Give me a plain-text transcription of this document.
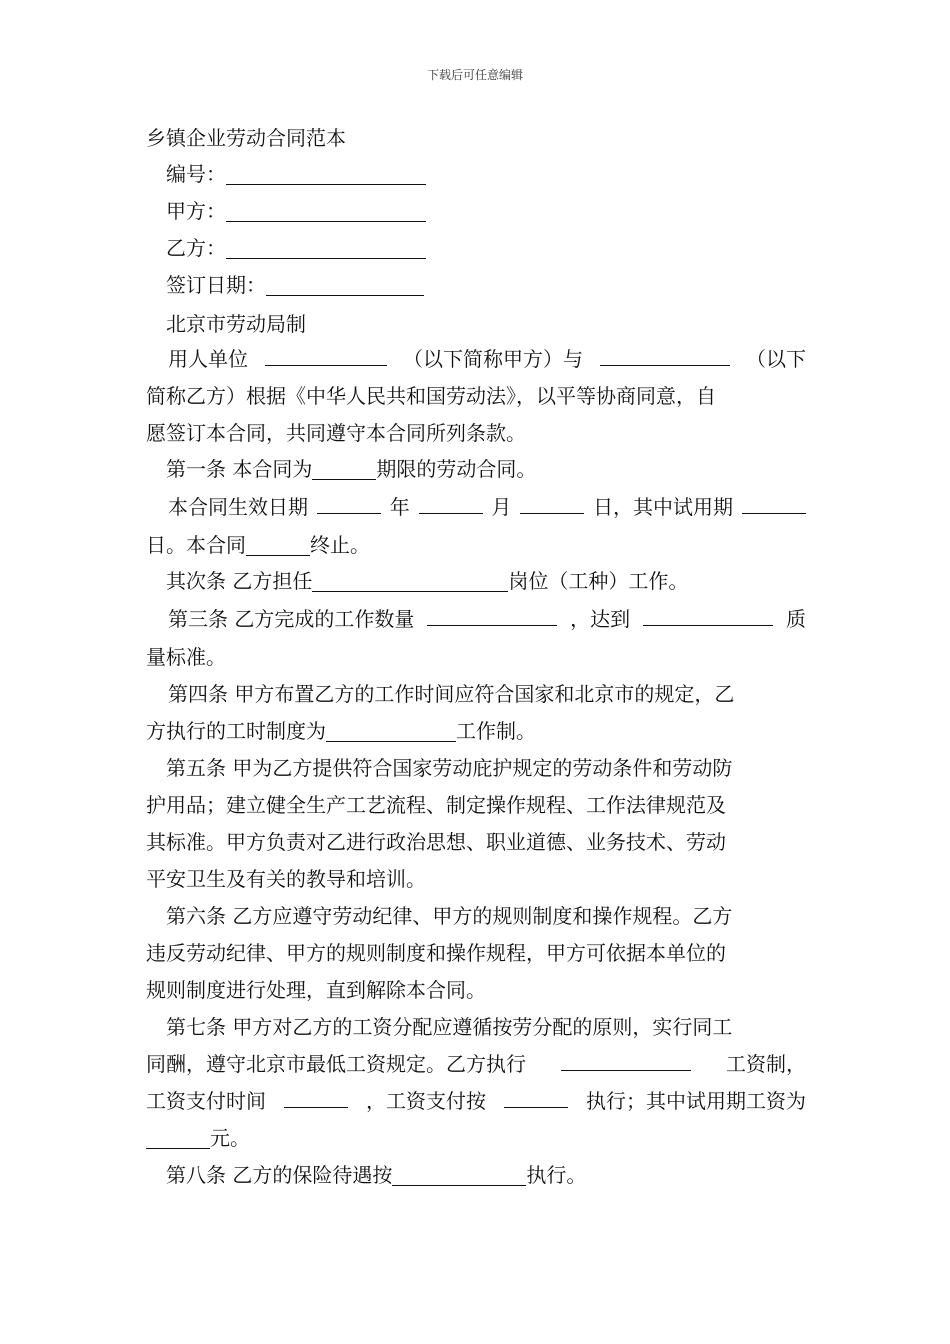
下载后可任意编辑
乡镇企业劳动合同范本
编号：
甲方：
乙方：
签订日期：
北京市劳动局制
用人单位	（以下简称甲方）与	（以下
简称乙方）根据《中华人民共和国劳动法》，以平等协商同意，自
愿签订本合同，共同遵守本合同所列条款。
第一条 本合同为	期限的劳动合同。
本合同生效日期	年	月	日，其中试用期
日。本合同	终止。
其次条 乙方担任	岗位（工种）工作。
第三条 乙方完成的工作数量	，达到	质
量标准。
第四条 甲方布置乙方的工作时间应符合国家和北京市的规定，乙
方执行的工时制度为	工作制。
第五条 甲为乙方提供符合国家劳动庇护规定的劳动条件和劳动防
护用品；建立健全生产工艺流程、制定操作规程、工作法律规范及
其标准。甲方负责对乙进行政治思想、职业道德、业务技术、劳动
平安卫生及有关的教导和培训。
第六条 乙方应遵守劳动纪律、甲方的规则制度和操作规程。乙方
违反劳动纪律、甲方的规则制度和操作规程，甲方可依据本单位的
规则制度进行处理，直到解除本合同。
第七条 甲方对乙方的工资分配应遵循按劳分配的原则，实行同工
同酬，遵守北京市最低工资规定。乙方执行	工资制，
工资支付时间	，工资支付按	执行；其中试用期工资为
元。
第八条 乙方的保险待遇按	执行。
